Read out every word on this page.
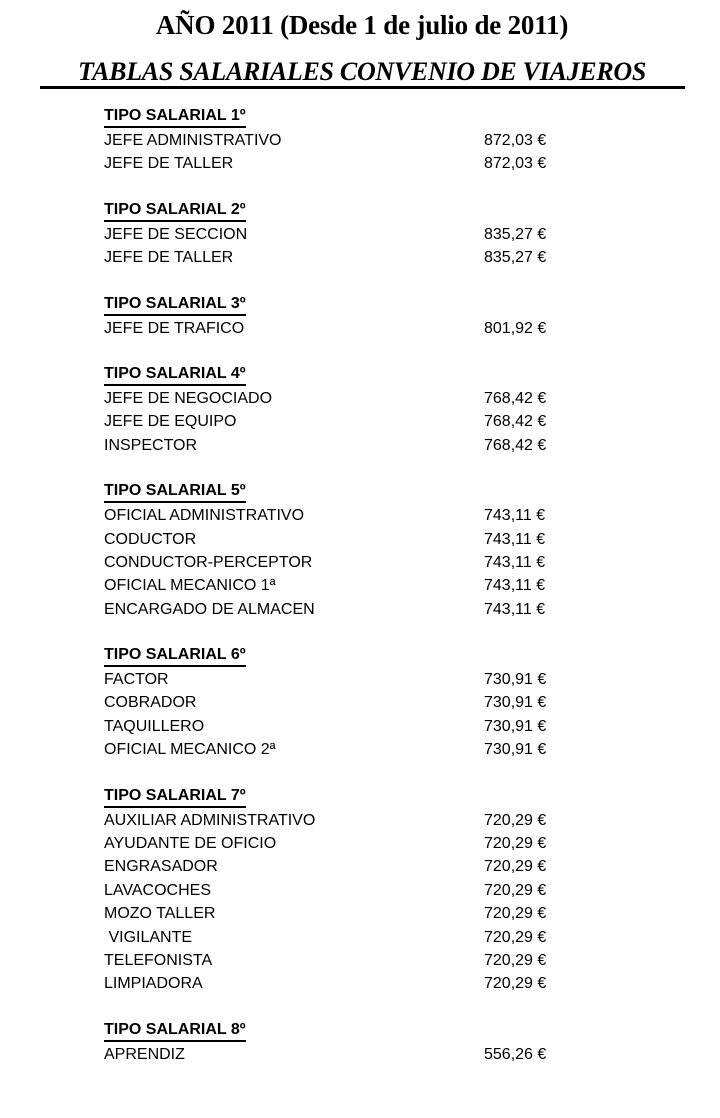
AÑO 2011 (Desde 1 de julio de 2011)
TABLAS SALARIALES CONVENIO DE VIAJEROS
TIPO SALARIAL 1º
JEFE ADMINISTRATIVO	872,03 €
JEFE DE TALLER	872,03 €
TIPO SALARIAL 2º
JEFE DE SECCION	835,27 €
JEFE DE TALLER	835,27 €
TIPO SALARIAL 3º
JEFE DE TRAFICO	801,92 €
TIPO SALARIAL 4º
JEFE DE NEGOCIADO	768,42 €
JEFE DE EQUIPO	768,42 €
INSPECTOR	768,42 €
TIPO SALARIAL 5º
OFICIAL ADMINISTRATIVO	743,11 €
CODUCTOR	743,11 €
CONDUCTOR-PERCEPTOR	743,11 €
OFICIAL MECANICO 1ª	743,11 €
ENCARGADO DE ALMACEN	743,11 €
TIPO SALARIAL 6º
FACTOR	730,91 €
COBRADOR	730,91 €
TAQUILLERO	730,91 €
OFICIAL MECANICO 2ª	730,91 €
TIPO SALARIAL 7º
AUXILIAR ADMINISTRATIVO	720,29 €
AYUDANTE DE OFICIO	720,29 €
ENGRASADOR	720,29 €
LAVACOCHES	720,29 €
MOZO TALLER	720,29 €
VIGILANTE	720,29 €
TELEFONISTA	720,29 €
LIMPIADORA	720,29 €
TIPO SALARIAL 8º
APRENDIZ	556,26 €
